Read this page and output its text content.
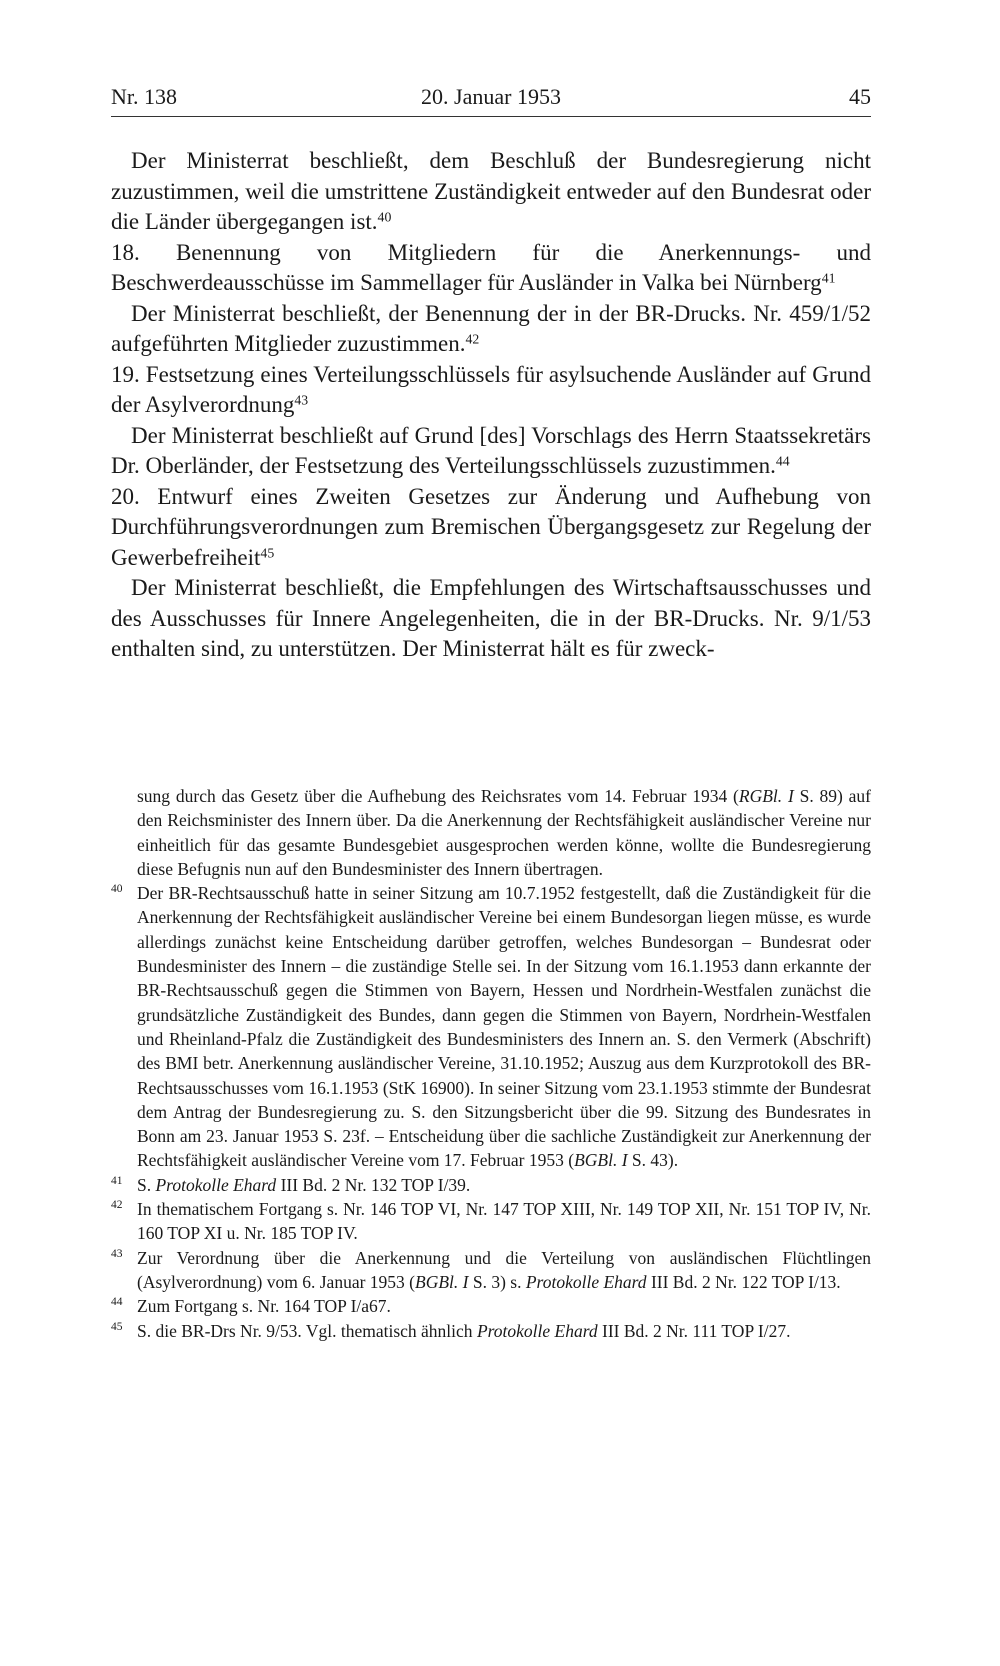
Nr. 138	20. Januar 1953	45

Der Ministerrat beschließt, dem Beschluß der Bundesregierung nicht zuzustimmen, weil die umstrittene Zuständigkeit entweder auf den Bundesrat oder die Länder übergegangen ist.$^{40}$

18. Benennung von Mitgliedern für die Anerkennungs- und Beschwerdeausschüsse im Sammellager für Ausländer in Valka bei Nürnberg$^{41}$

Der Ministerrat beschließt, der Benennung der in der BR-Drucks. Nr. 459/1/52 aufgeführten Mitglieder zuzustimmen.$^{42}$

19. Festsetzung eines Verteilungsschlüssels für asylsuchende Ausländer auf Grund der Asylverordnung$^{43}$

Der Ministerrat beschließt auf Grund [des] Vorschlags des Herrn Staatssekretärs Dr. Oberländer, der Festsetzung des Verteilungsschlüssels zuzustimmen.$^{44}$

20. Entwurf eines Zweiten Gesetzes zur Änderung und Aufhebung von Durchführungsverordnungen zum Bremischen Übergangsgesetz zur Regelung der Gewerbefreiheit$^{45}$

Der Ministerrat beschließt, die Empfehlungen des Wirtschaftsausschusses und des Ausschusses für Innere Angelegenheiten, die in der BR-Drucks. Nr. 9/1/53 enthalten sind, zu unterstützen. Der Ministerrat hält es für zweck-

sung durch das Gesetz über die Aufhebung des Reichsrates vom 14. Februar 1934 (RGBl. I S. 89) auf den Reichsminister des Innern über. Da die Anerkennung der Rechtsfähigkeit ausländischer Vereine nur einheitlich für das gesamte Bundesgebiet ausgesprochen werden könne, wollte die Bundesregierung diese Befugnis nun auf den Bundesminister des Innern übertragen.

40 Der BR-Rechtsausschuß hatte in seiner Sitzung am 10.7.1952 festgestellt, daß die Zuständigkeit für die Anerkennung der Rechtsfähigkeit ausländischer Vereine bei einem Bundesorgan liegen müsse, es wurde allerdings zunächst keine Entscheidung darüber getroffen, welches Bundesorgan – Bundesrat oder Bundesminister des Innern – die zuständige Stelle sei. In der Sitzung vom 16.1.1953 dann erkannte der BR-Rechtsausschuß gegen die Stimmen von Bayern, Hessen und Nordrhein-Westfalen zunächst die grundsätzliche Zuständigkeit des Bundes, dann gegen die Stimmen von Bayern, Nordrhein-Westfalen und Rheinland-Pfalz die Zuständigkeit des Bundesministers des Innern an. S. den Vermerk (Abschrift) des BMI betr. Anerkennung ausländischer Vereine, 31.10.1952; Auszug aus dem Kurzprotokoll des BR-Rechtsausschusses vom 16.1.1953 (StK 16900). In seiner Sitzung vom 23.1.1953 stimmte der Bundesrat dem Antrag der Bundesregierung zu. S. den Sitzungsbericht über die 99. Sitzung des Bundesrates in Bonn am 23. Januar 1953 S. 23f. – Entscheidung über die sachliche Zuständigkeit zur Anerkennung der Rechtsfähigkeit ausländischer Vereine vom 17. Februar 1953 (BGBl. I S. 43).

41 S. Protokolle Ehard III Bd. 2 Nr. 132 TOP I/39.

42 In thematischem Fortgang s. Nr. 146 TOP VI, Nr. 147 TOP XIII, Nr. 149 TOP XII, Nr. 151 TOP IV, Nr. 160 TOP XI u. Nr. 185 TOP IV.

43 Zur Verordnung über die Anerkennung und die Verteilung von ausländischen Flüchtlingen (Asylverordnung) vom 6. Januar 1953 (BGBl. I S. 3) s. Protokolle Ehard III Bd. 2 Nr. 122 TOP I/13.

44 Zum Fortgang s. Nr. 164 TOP I/a67.

45 S. die BR-Drs Nr. 9/53. Vgl. thematisch ähnlich Protokolle Ehard III Bd. 2 Nr. 111 TOP I/27.
